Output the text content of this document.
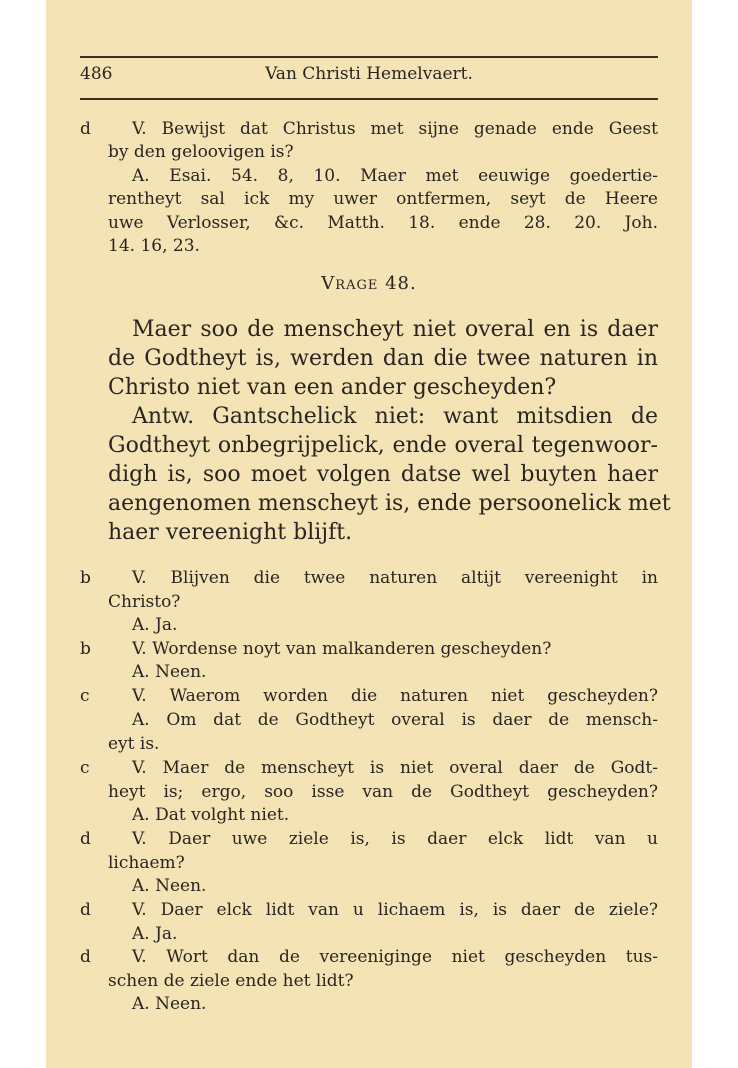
486	Van Christi Hemelvaert.
d V. Bewijst dat Christus met sijne genade ende Geest
by den geloovigen is?
A. Esai. 54. 8, 10. Maer met eeuwige goedertie-
rentheyt sal ick my uwer ontfermen, seyt de Heere
uwe Verlosser, &c. Matth. 18. ende 28. 20. Joh.
14. 16, 23.
Vrage 48.
Maer soo de menscheyt niet overal en is daer
de Godtheyt is, werden dan die twee naturen in
Christo niet van een ander gescheyden?
Antw. Gantschelick niet: want mitsdien de
Godtheyt onbegrijpelick, ende overal tegenwoor-
digh is, soo moet volgen datse wel buyten haer
aengenomen menscheyt is, ende persoonelick met
haer vereenight blijft.
b
b
c
c
d
d
d
V. Blijven die twee naturen altijt vereenight in
Christo?
A. Ja.
V. Wordense noyt van malkanderen gescheyden?
A. Neen.
V. Waerom worden die naturen niet gescheyden?
A. Om dat de Godtheyt overal is daer de mensch-
eyt is.
V. Maer de menscheyt is niet overal daer de Godt-
heyt is; ergo, soo isse van de Godtheyt gescheyden?
A. Dat volght niet.
V. Daer uwe ziele is, is daer elck lidt van u
lichaem?
A. Neen.
V. Daer elck lidt van u lichaem is, is daer de ziele?
A. Ja.
V. Wort dan de vereeniginge niet gescheyden tus-
schen de ziele ende het lidt?
A. Neen.
